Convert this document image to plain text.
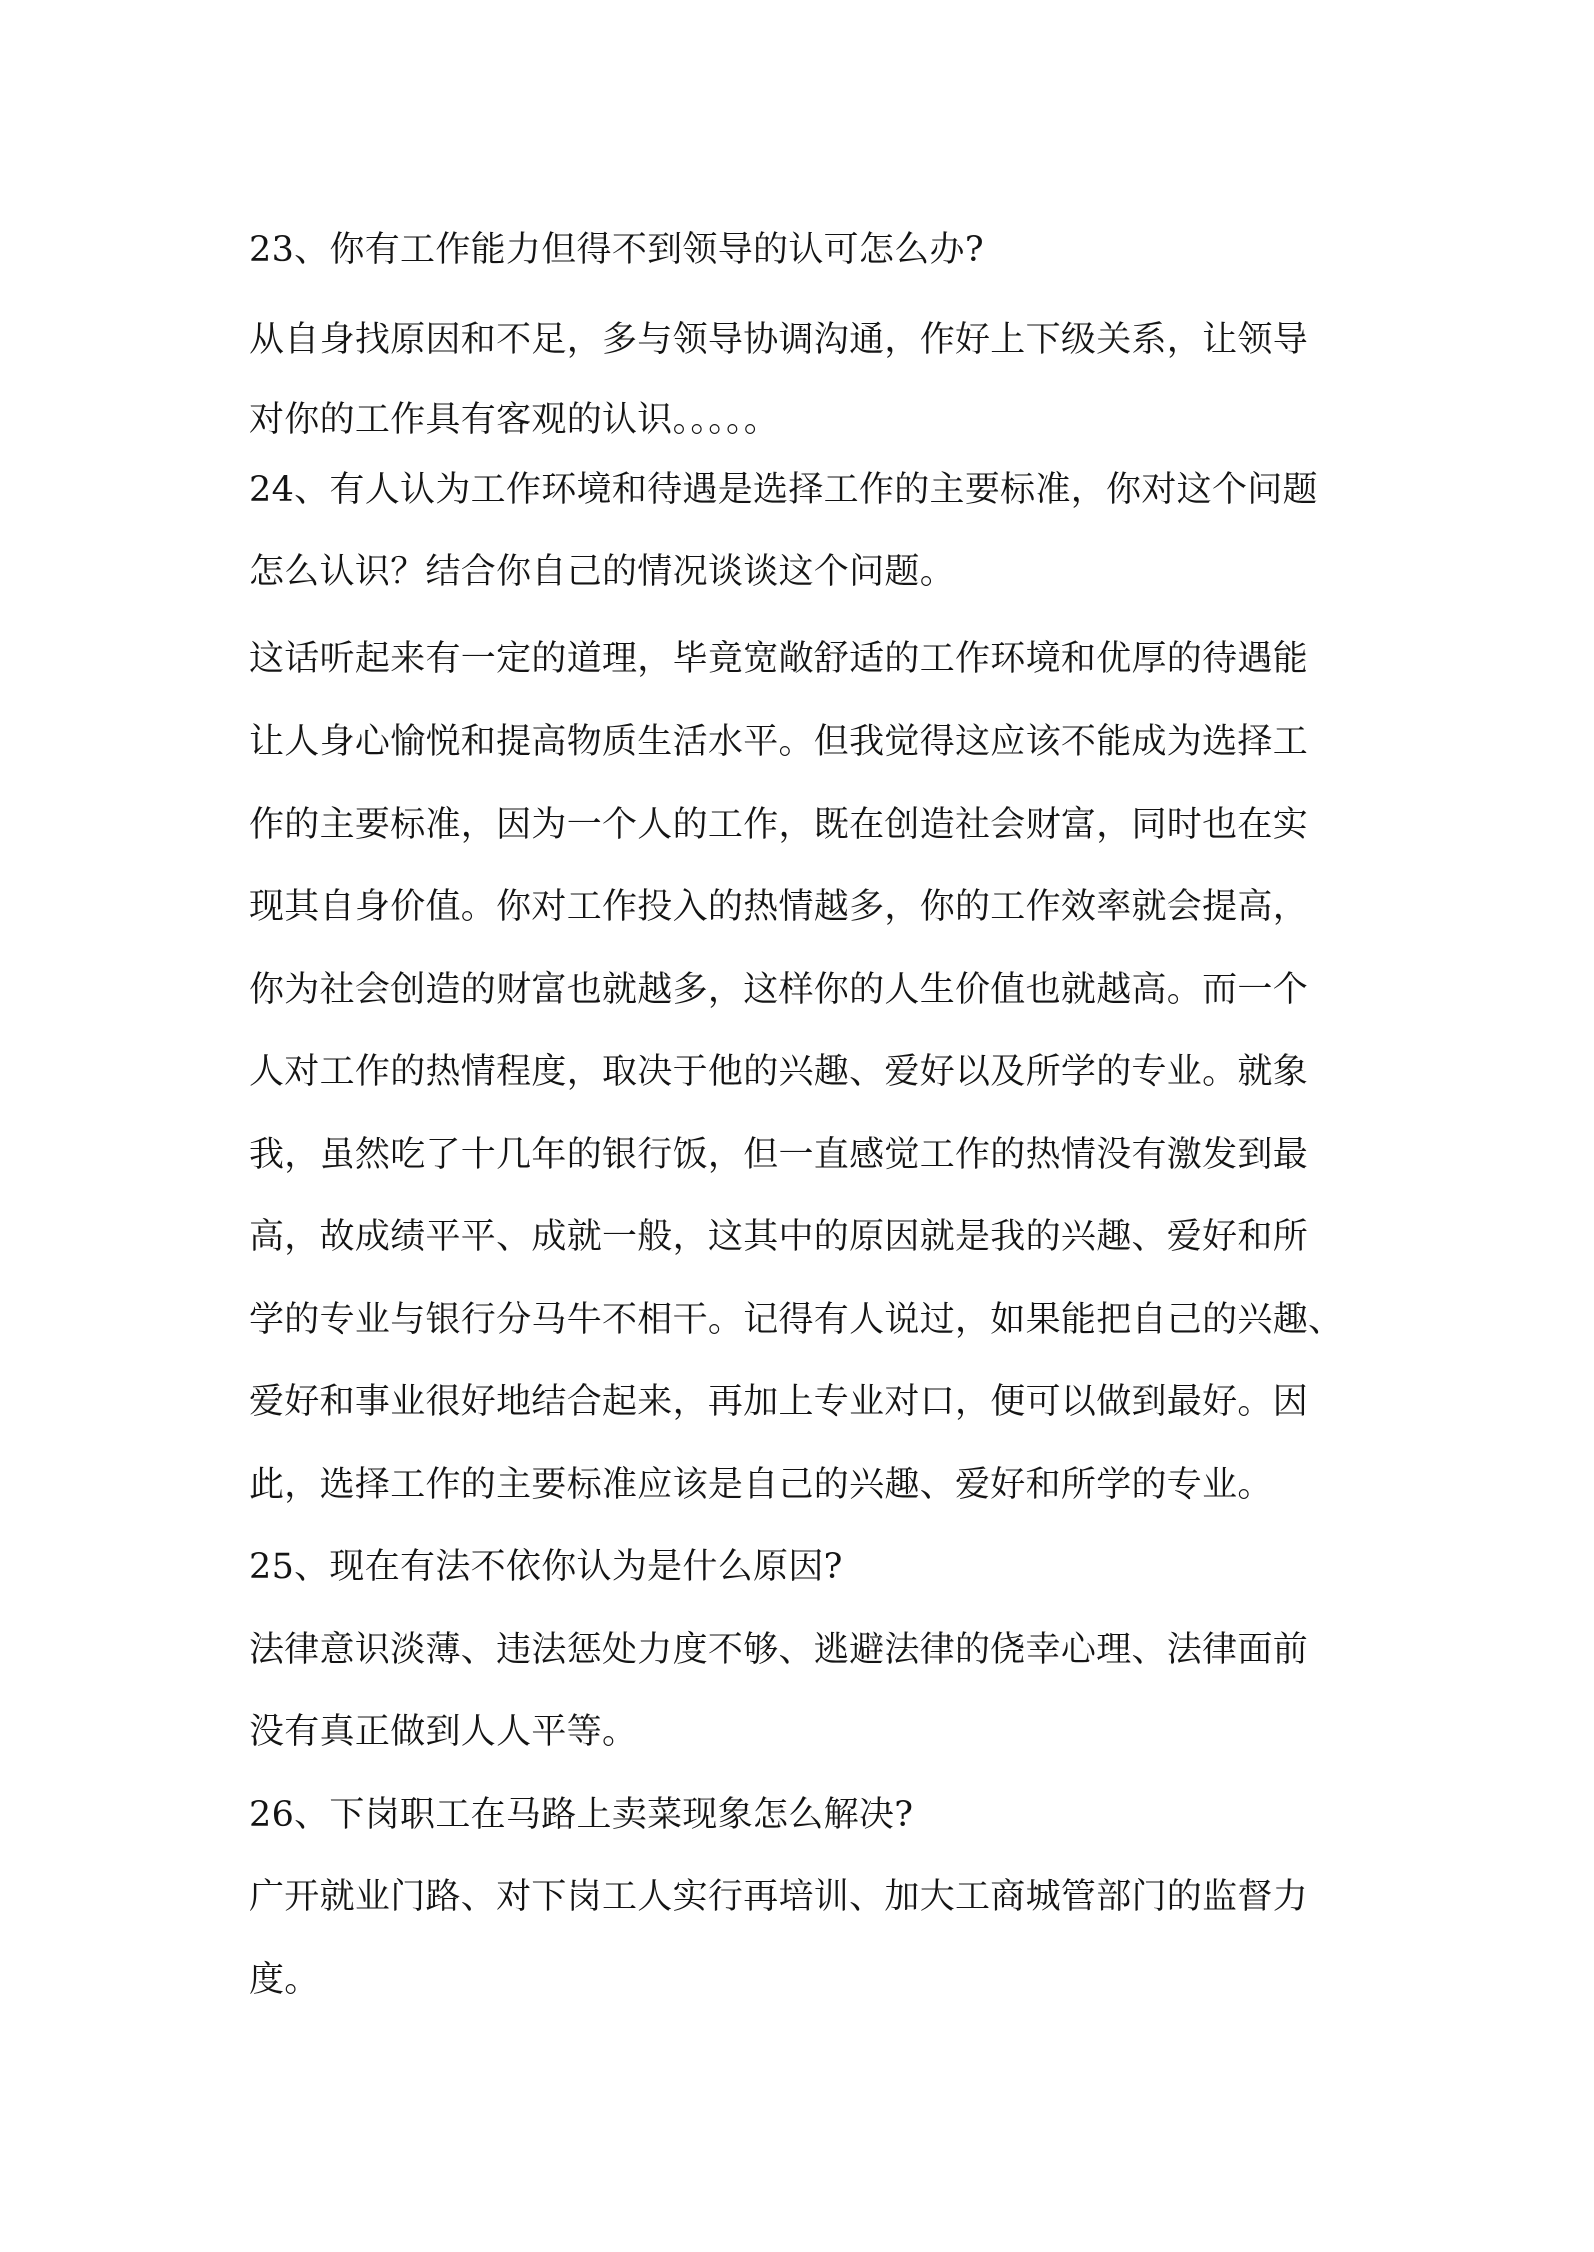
23、你有工作能力但得不到领导的认可怎么办?
从自身找原因和不足，多与领导协调沟通，作好上下级关系，让领导
对你的工作具有客观的认识。。。。。
24、有人认为工作环境和待遇是选择工作的主要标准，你对这个问题
怎么认识？结合你自己的情况谈谈这个问题。
这话听起来有一定的道理，毕竟宽敞舒适的工作环境和优厚的待遇能
让人身心愉悦和提高物质生活水平。但我觉得这应该不能成为选择工
作的主要标准，因为一个人的工作，既在创造社会财富，同时也在实
现其自身价值。你对工作投入的热情越多，你的工作效率就会提高，
你为社会创造的财富也就越多，这样你的人生价值也就越高。而一个
人对工作的热情程度，取决于他的兴趣、爱好以及所学的专业。就象
我，虽然吃了十几年的银行饭，但一直感觉工作的热情没有激发到最
高，故成绩平平、成就一般，这其中的原因就是我的兴趣、爱好和所
学的专业与银行分马牛不相干。记得有人说过，如果能把自己的兴趣、
爱好和事业很好地结合起来，再加上专业对口，便可以做到最好。因
此，选择工作的主要标准应该是自己的兴趣、爱好和所学的专业。
25、现在有法不依你认为是什么原因?
法律意识淡薄、违法惩处力度不够、逃避法律的侥幸心理、法律面前
没有真正做到人人平等。
26、下岗职工在马路上卖菜现象怎么解决?
广开就业门路、对下岗工人实行再培训、加大工商城管部门的监督力
度。
